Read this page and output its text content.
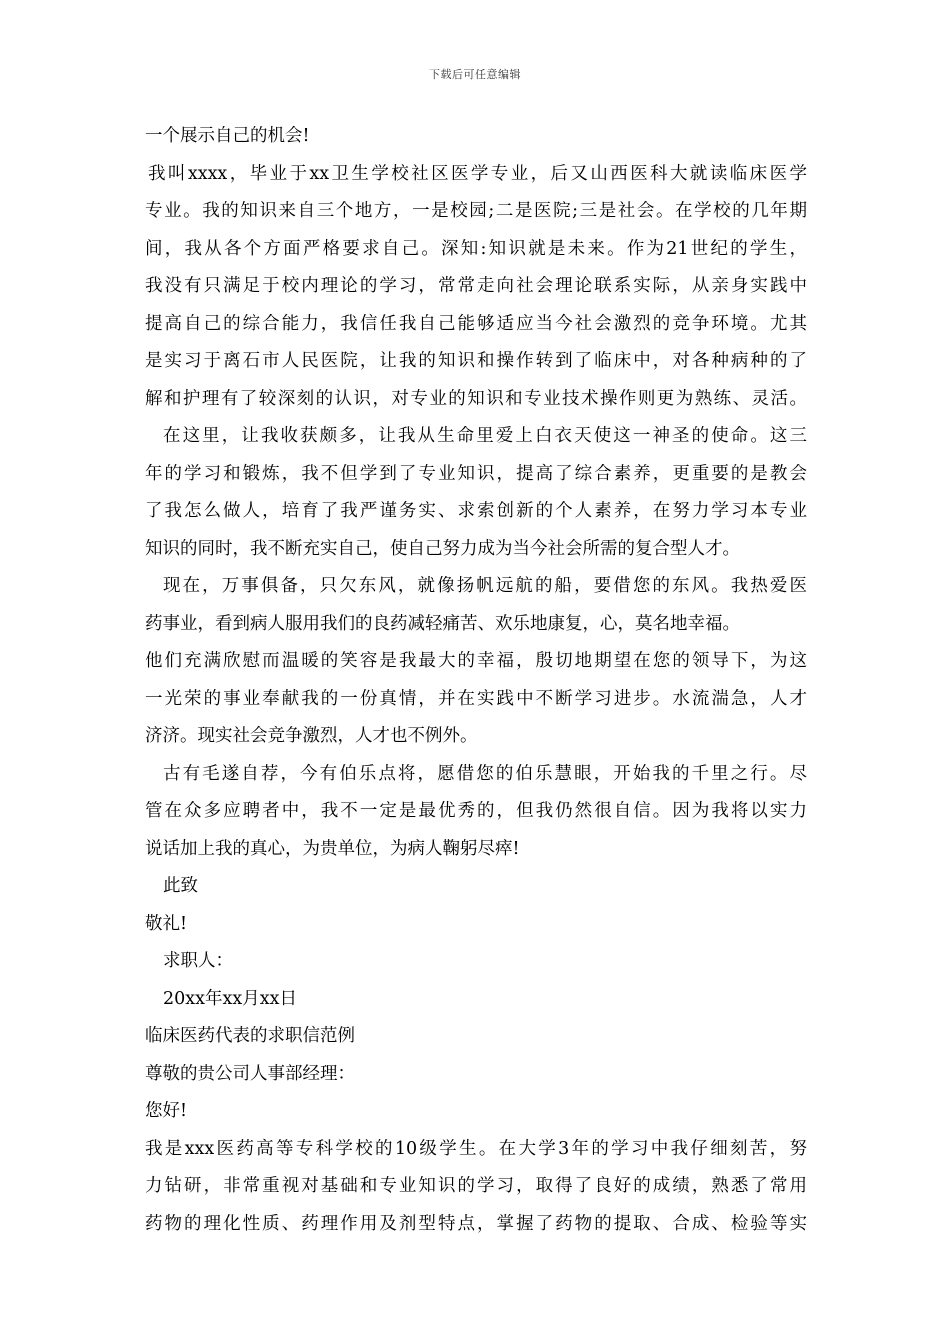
下载后可任意编辑
一个展示自己的机会!
我叫xxxx，毕业于xx卫生学校社区医学专业，后又山西医科大就读临床医学
专业。我的知识来自三个地方，一是校园;二是医院;三是社会。在学校的几年期
间，我从各个方面严格要求自己。深知:知识就是未来。作为21世纪的学生，
我没有只满足于校内理论的学习，常常走向社会理论联系实际，从亲身实践中
提高自己的综合能力，我信任我自己能够适应当今社会激烈的竞争环境。尤其
是实习于离石市人民医院，让我的知识和操作转到了临床中，对各种病种的了
解和护理有了较深刻的认识，对专业的知识和专业技术操作则更为熟练、灵活。
在这里，让我收获颇多，让我从生命里爱上白衣天使这一神圣的使命。这三
年的学习和锻炼，我不但学到了专业知识，提高了综合素养，更重要的是教会
了我怎么做人，培育了我严谨务实、求索创新的个人素养，在努力学习本专业
知识的同时，我不断充实自己，使自己努力成为当今社会所需的复合型人才。
现在，万事俱备，只欠东风，就像扬帆远航的船，要借您的东风。我热爱医
药事业，看到病人服用我们的良药减轻痛苦、欢乐地康复，心，莫名地幸福。
他们充满欣慰而温暖的笑容是我最大的幸福，殷切地期望在您的领导下，为这
一光荣的事业奉献我的一份真情，并在实践中不断学习进步。水流湍急，人才
济济。现实社会竞争激烈，人才也不例外。
古有毛遂自荐，今有伯乐点将，愿借您的伯乐慧眼，开始我的千里之行。尽
管在众多应聘者中，我不一定是最优秀的，但我仍然很自信。因为我将以实力
说话加上我的真心，为贵单位，为病人鞠躬尽瘁!
此致
敬礼!
求职人：
20xx年xx月xx日
临床医药代表的求职信范例
尊敬的贵公司人事部经理：
您好!
我是xxx医药高等专科学校的10级学生。在大学3年的学习中我仔细刻苦，努
力钻研，非常重视对基础和专业知识的学习，取得了良好的成绩，熟悉了常用
药物的理化性质、药理作用及剂型特点，掌握了药物的提取、合成、检验等实
